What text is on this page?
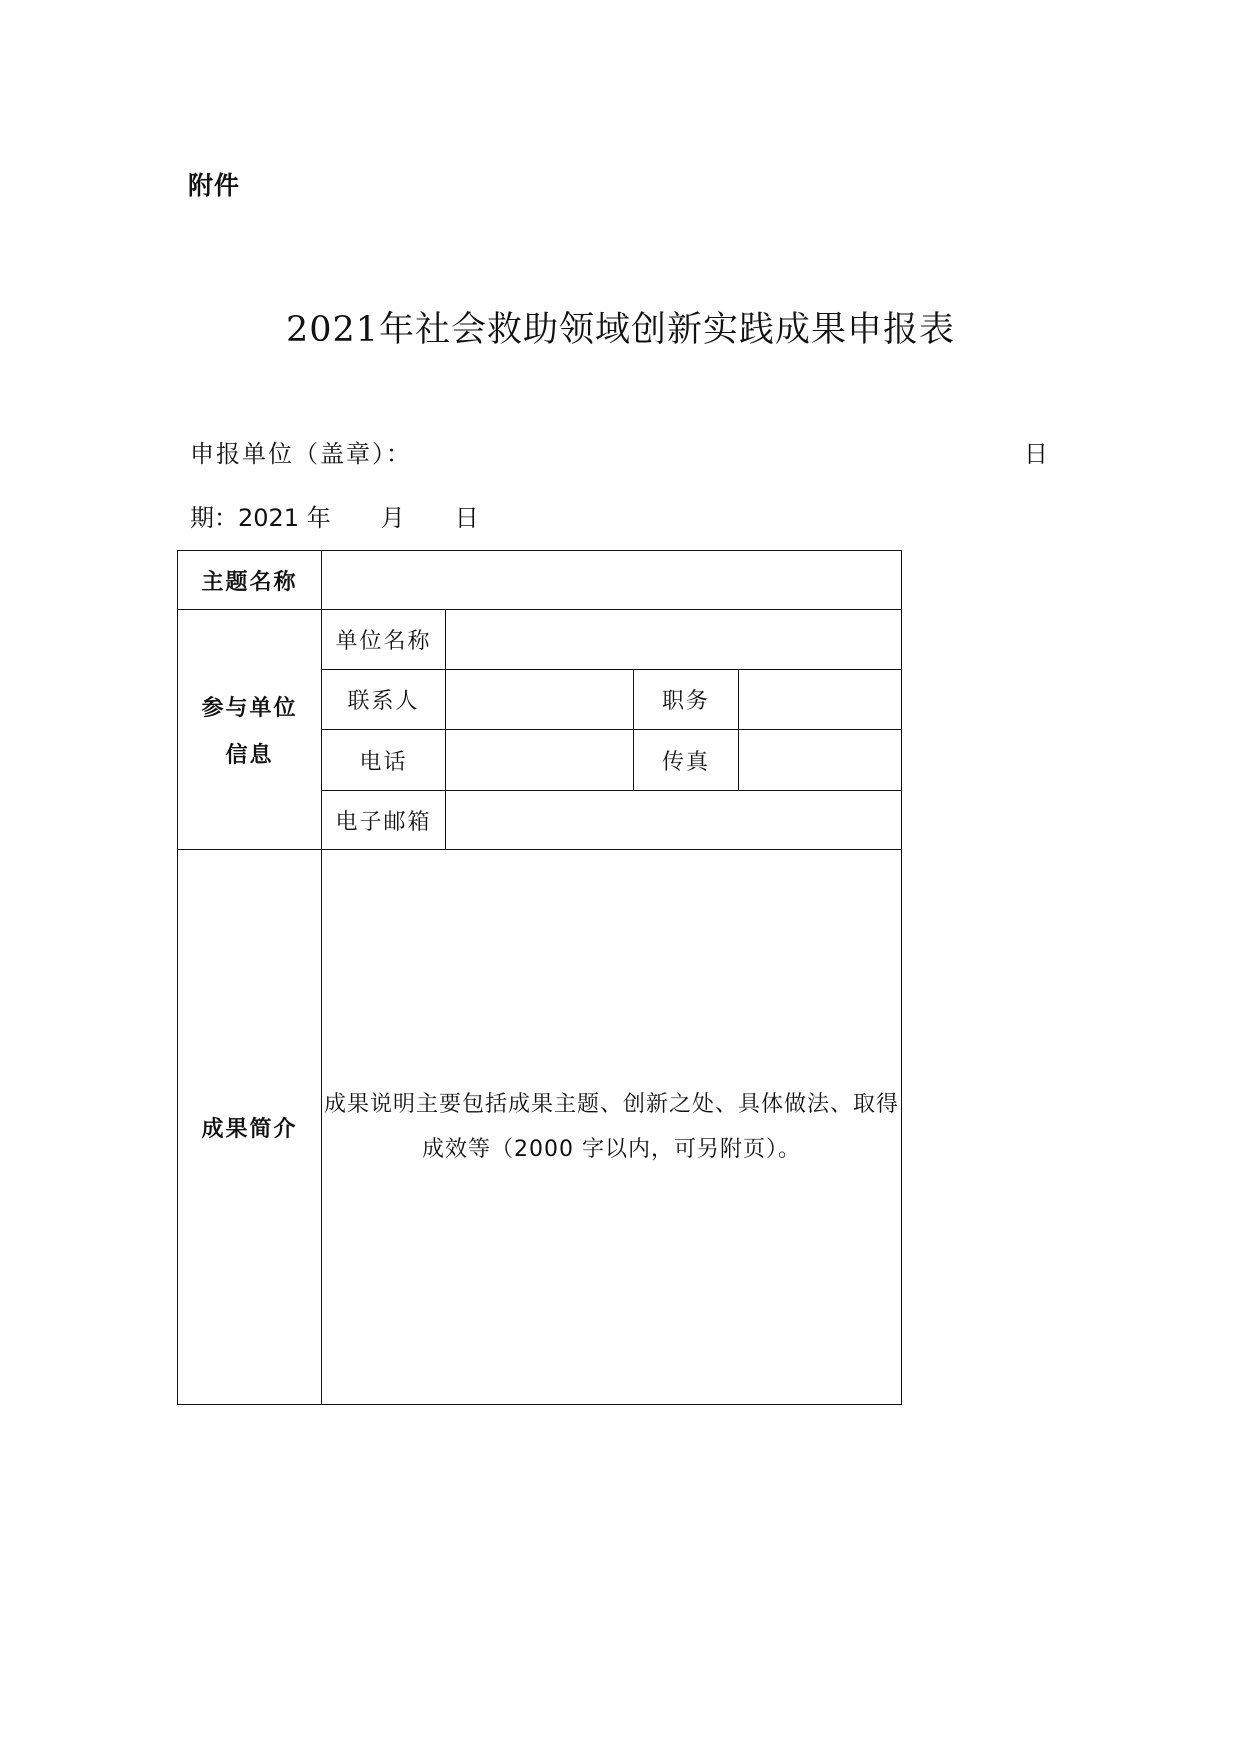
附件
2021年社会救助领域创新实践成果申报表
申报单位（盖章）：	日
期：2021 年 月 日
主题名称				

参与单位
信息	单位名称			
	联系人		职务	
	电话		传真	
	电子邮箱			
成果简介	成果说明主要包括成果主题、创新之处、具体做法、取得成效等（2000 字以内，可另附页）。			
